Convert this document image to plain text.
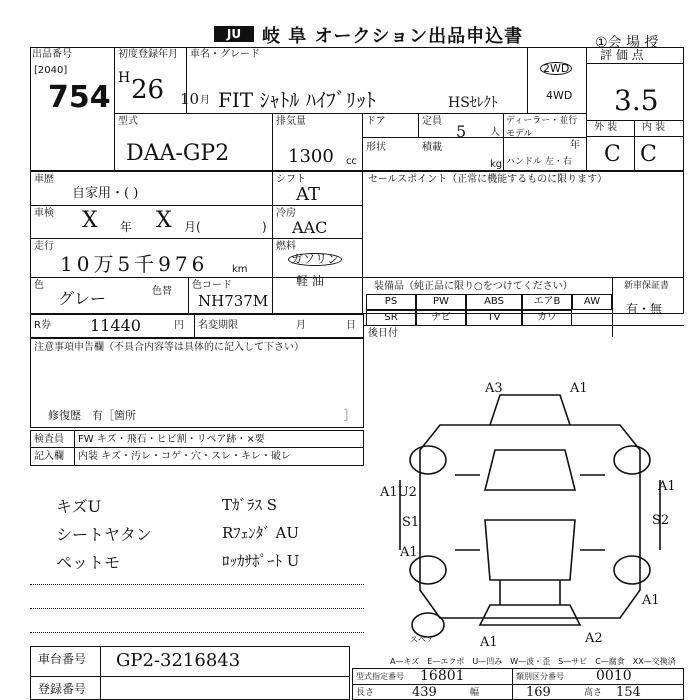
JU	岐 阜 オークション出品申込書	①会 場 授
出品番号
[2040]
754
初度登録年月
H 26 10 月
車名・グレード
FIT ｼｬﾄﾙ ﾊｲﾌﾞﾘｯﾄ	HSｾﾚｸﾄ
2WD
4WD
評 価 点
3.5
外 装 内 装
C C
型式
DAA-GP2
排気量
1300 cc
ドア	定員
5 人
ディーラー・並行
モデル
年
形状	積載
kg ハンドル 左・右
車歴
自家用・( )
車検 X 年 X 月(	)
走行
10万5千976 km
色
グレー	色替
色コード
NH737M
シフト
AT
冷房
AAC
燃料
ガソリン
軽 油
セールスポイント（正常に機能するものに限ります）
装備品（純正品に限り○をつけてください）	新車保証書
有・無
PS	PW	ABS	エアB	AW
SR	ナビ	TV	カワ
R券 11440	円 名変期限	月	日
後日付
注意事項申告欄（不具合内容等は具体的に記入して下さい）
修復歴　有［箇所	］
検査員
記入欄
FW キズ・飛石・ヒビ割・リペア跡・×要
内装 キズ・汚レ・コゲ・穴・スレ・キレ・破レ
キズU
シートヤタン
ペットモ
Tｶﾞﾗｽ S
Rﾌｪﾝﾀﾞ AU
ﾛｯｶｻﾎﾟｰﾄ U
A3	A1
A1U2
S1
A1
A1
S2
A1
A1	A2
スペア
A—キズ　E—エクボ　U—凹み　W—波・歪　S—サビ　C—腐食　XX—交換済
車台番号 GP2-3216843
登録番号
型式指定番号 16801	類別区分番号 0010
長さ	439	幅	169	高さ 154
